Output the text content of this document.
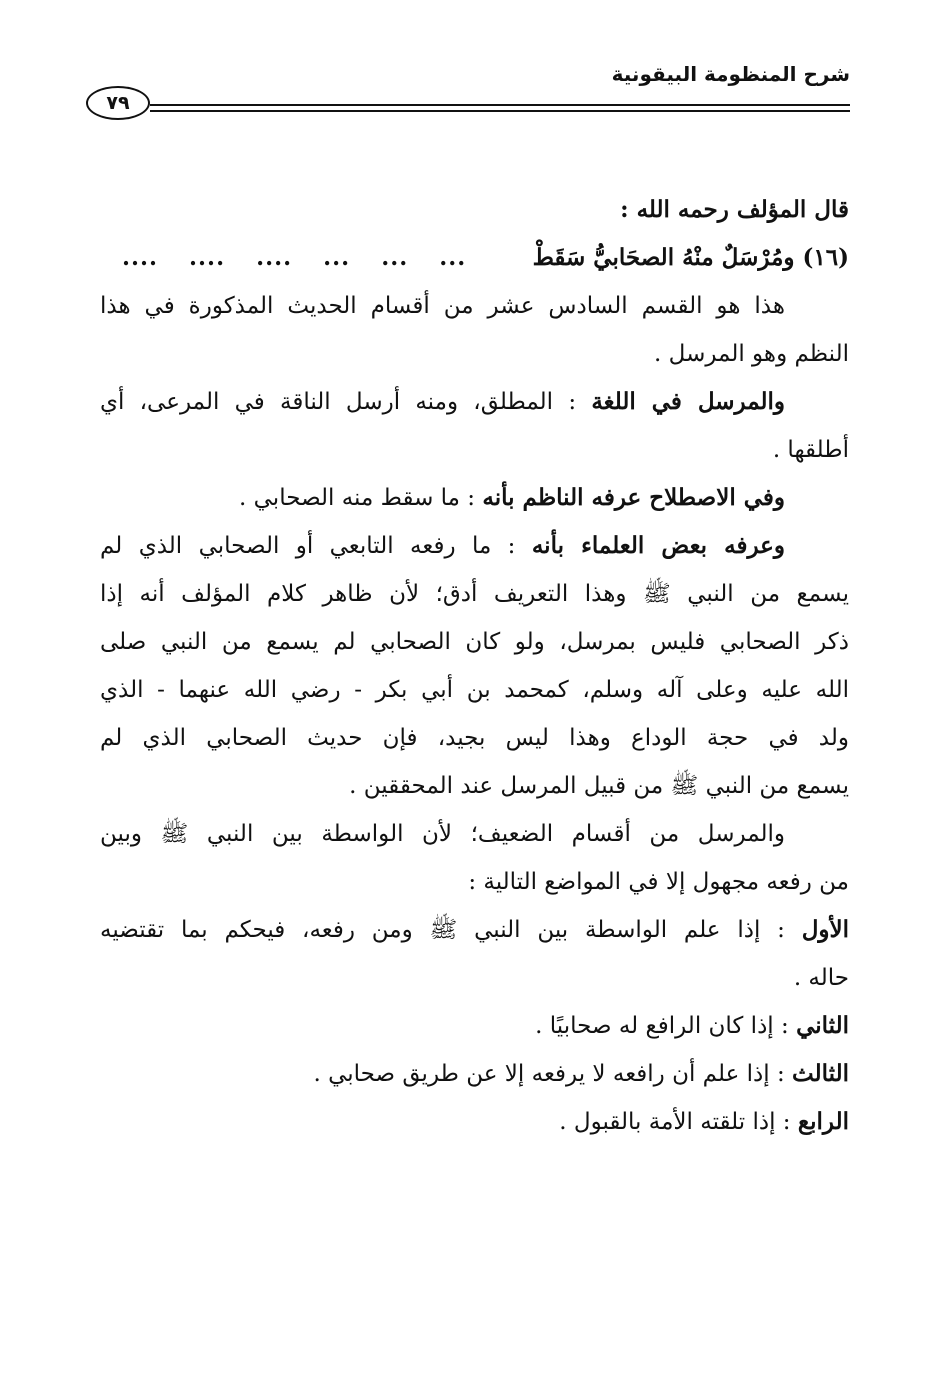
شرح المنظومة البيقونية
٧٩
قال المؤلف رحمه الله :
(١٦) ومُرْسَلٌ منْهُ الصحَابيُّ سَقَطْ
... ... ... .... .... ....
هذا هو القسم السادس عشر من أقسام الحديث المذكورة في هذا
النظم وهو المرسل .
والمرسل في اللغة : المطلق، ومنه أرسل الناقة في المرعى، أي
أطلقها .
وفي الاصطلاح عرفه الناظم بأنه : ما سقط منه الصحابي .
وعرفه بعض العلماء بأنه : ما رفعه التابعي أو الصحابي الذي لم
يسمع من النبي ﷺ وهذا التعريف أدق؛ لأن ظاهر كلام المؤلف أنه إذا
ذكر الصحابي فليس بمرسل، ولو كان الصحابي لم يسمع من النبي صلى
الله عليه وعلى آله وسلم، كمحمد بن أبي بكر - رضي الله عنهما - الذي
ولد في حجة الوداع وهذا ليس بجيد، فإن حديث الصحابي الذي لم
يسمع من النبي ﷺ من قبيل المرسل عند المحققين .
والمرسل من أقسام الضعيف؛ لأن الواسطة بين النبي ﷺ وبين
من رفعه مجهول إلا في المواضع التالية :
الأول : إذا علم الواسطة بين النبي ﷺ ومن رفعه، فيحكم بما تقتضيه
حاله .
الثاني : إذا كان الرافع له صحابيًا .
الثالث : إذا علم أن رافعه لا يرفعه إلا عن طريق صحابي .
الرابع : إذا تلقته الأمة بالقبول .
